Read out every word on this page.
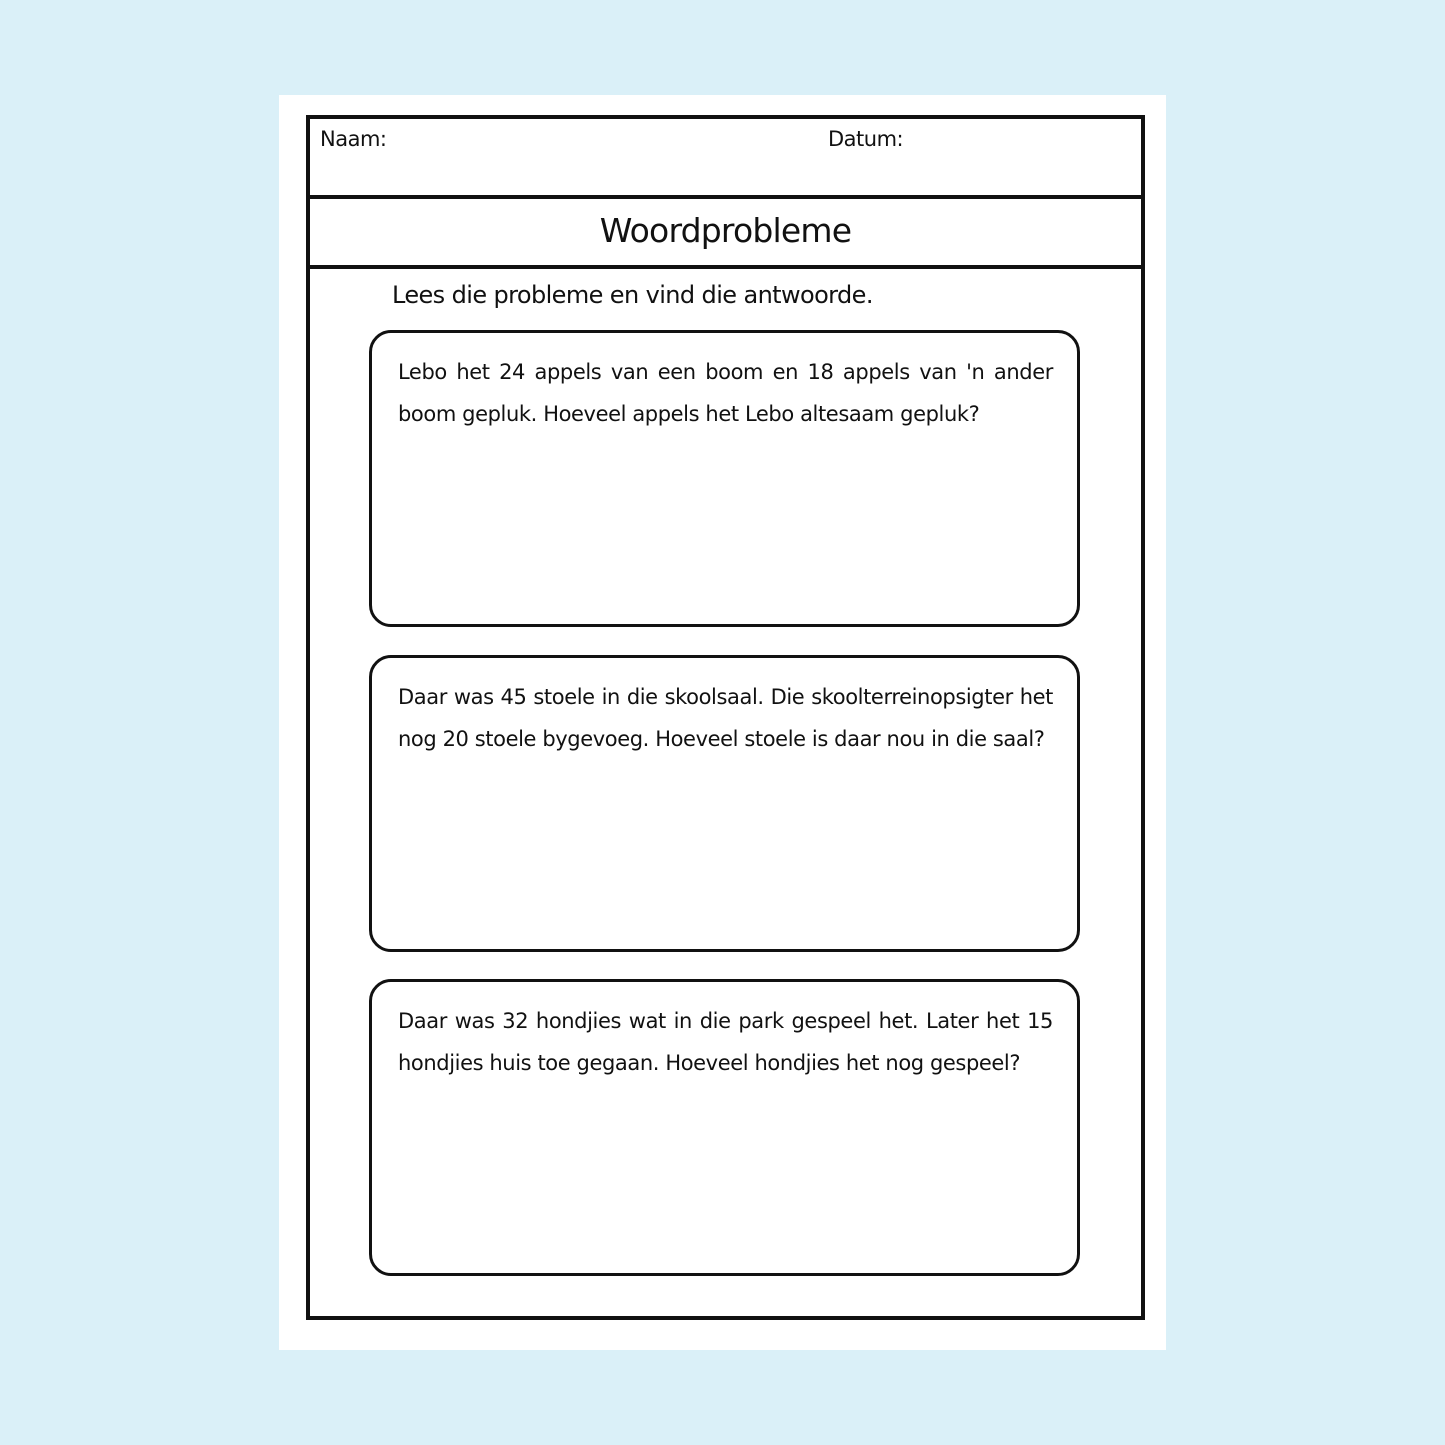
Naam:	Datum:
Woordprobleme
Lees die probleme en vind die antwoorde.
Lebo het 24 appels van een boom en 18 appels van 'n ander boom gepluk. Hoeveel appels het Lebo altesaam gepluk?
Daar was 45 stoele in die skoolsaal. Die skoolterreinopsigter het nog 20 stoele bygevoeg. Hoeveel stoele is daar nou in die saal?
Daar was 32 hondjies wat in die park gespeel het. Later het 15 hondjies huis toe gegaan. Hoeveel hondjies het nog gespeel?
